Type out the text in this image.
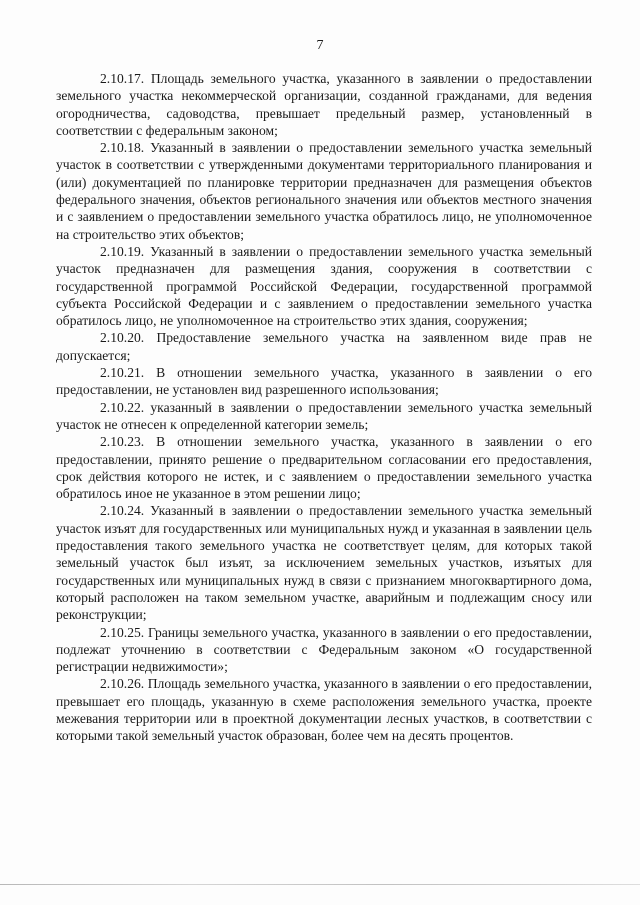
7

2.10.17. Площадь земельного участка, указанного в заявлении о предоставлении земельного участка некоммерческой организации, созданной гражданами, для ведения огородничества, садоводства, превышает предельный размер, установленный в соответствии с федеральным законом;

2.10.18. Указанный в заявлении о предоставлении земельного участка земельный участок в соответствии с утвержденными документами территориального планирования и (или) документацией по планировке территории предназначен для размещения объектов федерального значения, объектов регионального значения или объектов местного значения и с заявлением о предоставлении земельного участка обратилось лицо, не уполномоченное на строительство этих объектов;

2.10.19. Указанный в заявлении о предоставлении земельного участка земельный участок предназначен для размещения здания, сооружения в соответствии с государственной программой Российской Федерации, государственной программой субъекта Российской Федерации и с заявлением о предоставлении земельного участка обратилось лицо, не уполномоченное на строительство этих здания, сооружения;

2.10.20. Предоставление земельного участка на заявленном виде прав не допускается;

2.10.21. В отношении земельного участка, указанного в заявлении о его предоставлении, не установлен вид разрешенного использования;

2.10.22. указанный в заявлении о предоставлении земельного участка земельный участок не отнесен к определенной категории земель;

2.10.23. В отношении земельного участка, указанного в заявлении о его предоставлении, принято решение о предварительном согласовании его предоставления, срок действия которого не истек, и с заявлением о предоставлении земельного участка обратилось иное не указанное в этом решении лицо;

2.10.24. Указанный в заявлении о предоставлении земельного участка земельный участок изъят для государственных или муниципальных нужд и указанная в заявлении цель предоставления такого земельного участка не соответствует целям, для которых такой земельный участок был изъят, за исключением земельных участков, изъятых для государственных или муниципальных нужд в связи с признанием многоквартирного дома, который расположен на таком земельном участке, аварийным и подлежащим сносу или реконструкции;

2.10.25. Границы земельного участка, указанного в заявлении о его предоставлении, подлежат уточнению в соответствии с Федеральным законом «О государственной регистрации недвижимости»;

2.10.26. Площадь земельного участка, указанного в заявлении о его предоставлении, превышает его площадь, указанную в схеме расположения земельного участка, проекте межевания территории или в проектной документации лесных участков, в соответствии с которыми такой земельный участок образован, более чем на десять процентов.
